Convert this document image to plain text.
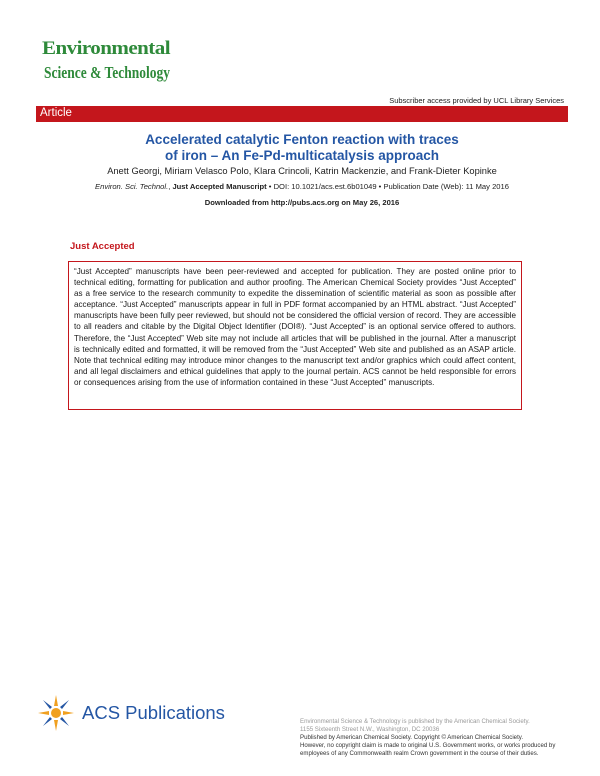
Environmental
Science & Technology
Subscriber access provided by UCL Library Services
Article
Accelerated catalytic Fenton reaction with traces
of iron – An Fe-Pd-multicatalysis approach
Anett Georgi, Miriam Velasco Polo, Klara Crincoli, Katrin Mackenzie, and Frank-Dieter Kopinke
Environ. Sci. Technol., Just Accepted Manuscript • DOI: 10.1021/acs.est.6b01049 • Publication Date (Web): 11 May 2016
Downloaded from http://pubs.acs.org on May 26, 2016
Just Accepted
“Just Accepted” manuscripts have been peer-reviewed and accepted for publication. They are posted online prior to technical editing, formatting for publication and author proofing. The American Chemical Society provides “Just Accepted” as a free service to the research community to expedite the dissemination of scientific material as soon as possible after acceptance. “Just Accepted” manuscripts appear in full in PDF format accompanied by an HTML abstract. “Just Accepted” manuscripts have been fully peer reviewed, but should not be considered the official version of record. They are accessible to all readers and citable by the Digital Object Identifier (DOI®). “Just Accepted” is an optional service offered to authors. Therefore, the “Just Accepted” Web site may not include all articles that will be published in the journal. After a manuscript is technically edited and formatted, it will be removed from the “Just Accepted” Web site and published as an ASAP article. Note that technical editing may introduce minor changes to the manuscript text and/or graphics which could affect content, and all legal disclaimers and ethical guidelines that apply to the journal pertain. ACS cannot be held responsible for errors or consequences arising from the use of information contained in these “Just Accepted” manuscripts.
ACS Publications	Environmental Science & Technology is published by the American Chemical Society.
1155 Sixteenth Street N.W., Washington, DC 20036
Published by American Chemical Society. Copyright © American Chemical Society.
However, no copyright claim is made to original U.S. Government works, or works produced by employees of any Commonwealth realm Crown government in the course of their duties.
